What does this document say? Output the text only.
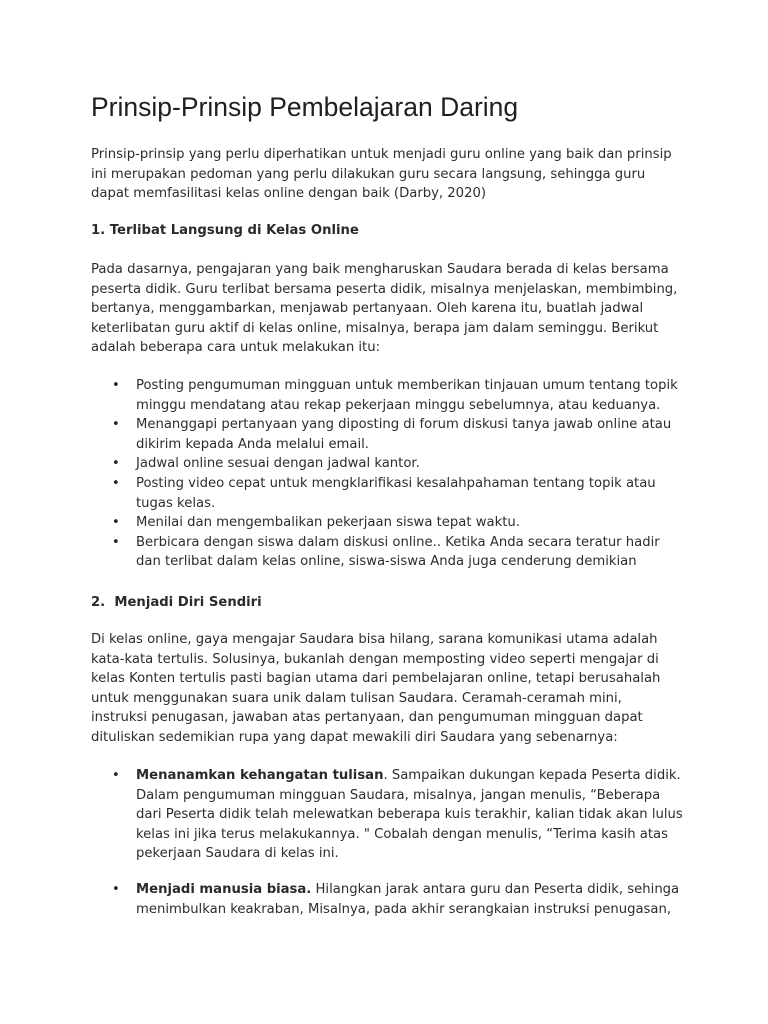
Prinsip-Prinsip Pembelajaran Daring

Prinsip-prinsip yang perlu diperhatikan untuk menjadi guru online yang baik dan prinsip ini merupakan pedoman yang perlu dilakukan guru secara langsung, sehingga guru dapat memfasilitasi kelas online dengan baik (Darby, 2020)

1. Terlibat Langsung di Kelas Online

Pada dasarnya, pengajaran yang baik mengharuskan Saudara berada di kelas bersama peserta didik. Guru terlibat bersama peserta didik, misalnya menjelaskan, membimbing, bertanya, menggambarkan, menjawab pertanyaan. Oleh karena itu, buatlah jadwal keterlibatan guru aktif di kelas online, misalnya, berapa jam dalam seminggu. Berikut adalah beberapa cara untuk melakukan itu:

• Posting pengumuman mingguan untuk memberikan tinjauan umum tentang topik minggu mendatang atau rekap pekerjaan minggu sebelumnya, atau keduanya.
• Menanggapi pertanyaan yang diposting di forum diskusi tanya jawab online atau dikirim kepada Anda melalui email.
• Jadwal online sesuai dengan jadwal kantor.
• Posting video cepat untuk mengklarifikasi kesalahpahaman tentang topik atau tugas kelas.
• Menilai dan mengembalikan pekerjaan siswa tepat waktu.
• Berbicara dengan siswa dalam diskusi online.. Ketika Anda secara teratur hadir dan terlibat dalam kelas online, siswa-siswa Anda juga cenderung demikian

2.  Menjadi Diri Sendiri

Di kelas online, gaya mengajar Saudara bisa hilang, sarana komunikasi utama adalah kata-kata tertulis. Solusinya, bukanlah dengan memposting video seperti mengajar di kelas Konten tertulis pasti bagian utama dari pembelajaran online, tetapi berusahalah untuk menggunakan suara unik dalam tulisan Saudara. Ceramah-ceramah mini, instruksi penugasan, jawaban atas pertanyaan, dan pengumuman mingguan dapat dituliskan sedemikian rupa yang dapat mewakili diri Saudara yang sebenarnya:

• Menanamkan kehangatan tulisan. Sampaikan dukungan kepada Peserta didik. Dalam pengumuman mingguan Saudara, misalnya, jangan menulis, “Beberapa dari Peserta didik telah melewatkan beberapa kuis terakhir, kalian tidak akan lulus kelas ini jika terus melakukannya. " Cobalah dengan menulis, “Terima kasih atas pekerjaan Saudara di kelas ini.
• Menjadi manusia biasa. Hilangkan jarak antara guru dan Peserta didik, sehinga menimbulkan keakraban, Misalnya, pada akhir serangkaian instruksi penugasan,
